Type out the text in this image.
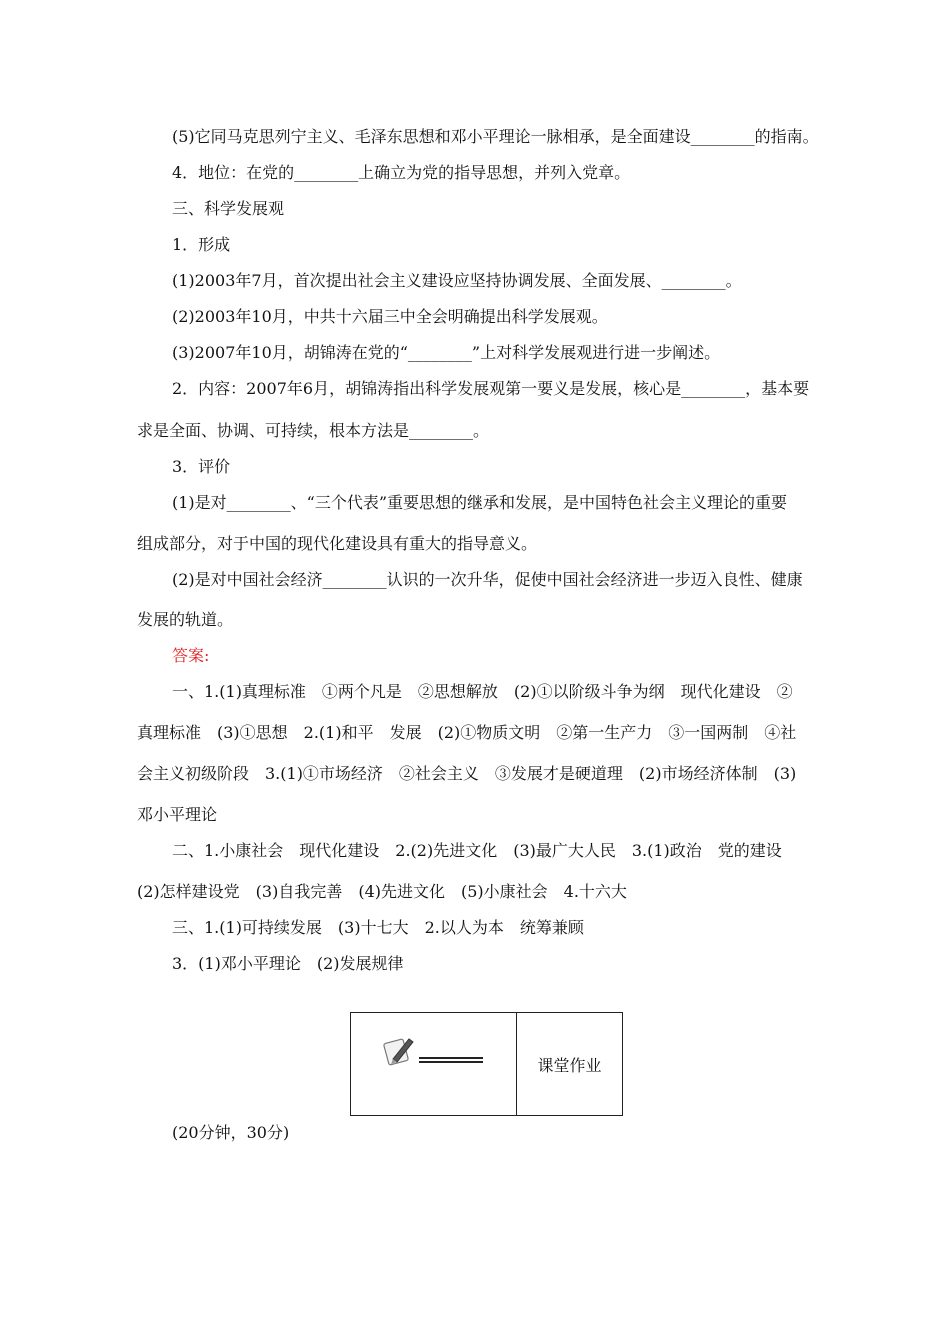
(5)它同马克思列宁主义、毛泽东思想和邓小平理论一脉相承，是全面建设________的指南。
4．地位：在党的________上确立为党的指导思想，并列入党章。
三、科学发展观
1．形成
(1)2003年7月，首次提出社会主义建设应坚持协调发展、全面发展、________。
(2)2003年10月，中共十六届三中全会明确提出科学发展观。
(3)2007年10月，胡锦涛在党的“________”上对科学发展观进行进一步阐述。
2．内容：2007年6月，胡锦涛指出科学发展观第一要义是发展，核心是________，基本要
求是全面、协调、可持续，根本方法是________。
3．评价
(1)是对________、“三个代表”重要思想的继承和发展，是中国特色社会主义理论的重要
组成部分，对于中国的现代化建设具有重大的指导意义。
(2)是对中国社会经济________认识的一次升华，促使中国社会经济进一步迈入良性、健康
发展的轨道。
答案:
一、1.(1)真理标准　①两个凡是　②思想解放　(2)①以阶级斗争为纲　现代化建设　②
真理标准　(3)①思想　2.(1)和平　发展　(2)①物质文明　②第一生产力　③一国两制　④社
会主义初级阶段　3.(1)①市场经济　②社会主义　③发展才是硬道理　(2)市场经济体制　(3)
邓小平理论
二、1.小康社会　现代化建设　2.(2)先进文化　(3)最广大人民　3.(1)政治　党的建设
(2)怎样建设党　(3)自我完善　(4)先进文化　(5)小康社会　4.十六大
三、1.(1)可持续发展　(3)十七大　2.以人为本　统筹兼顾
3．(1)邓小平理论　(2)发展规律
课堂作业
(20分钟，30分)
